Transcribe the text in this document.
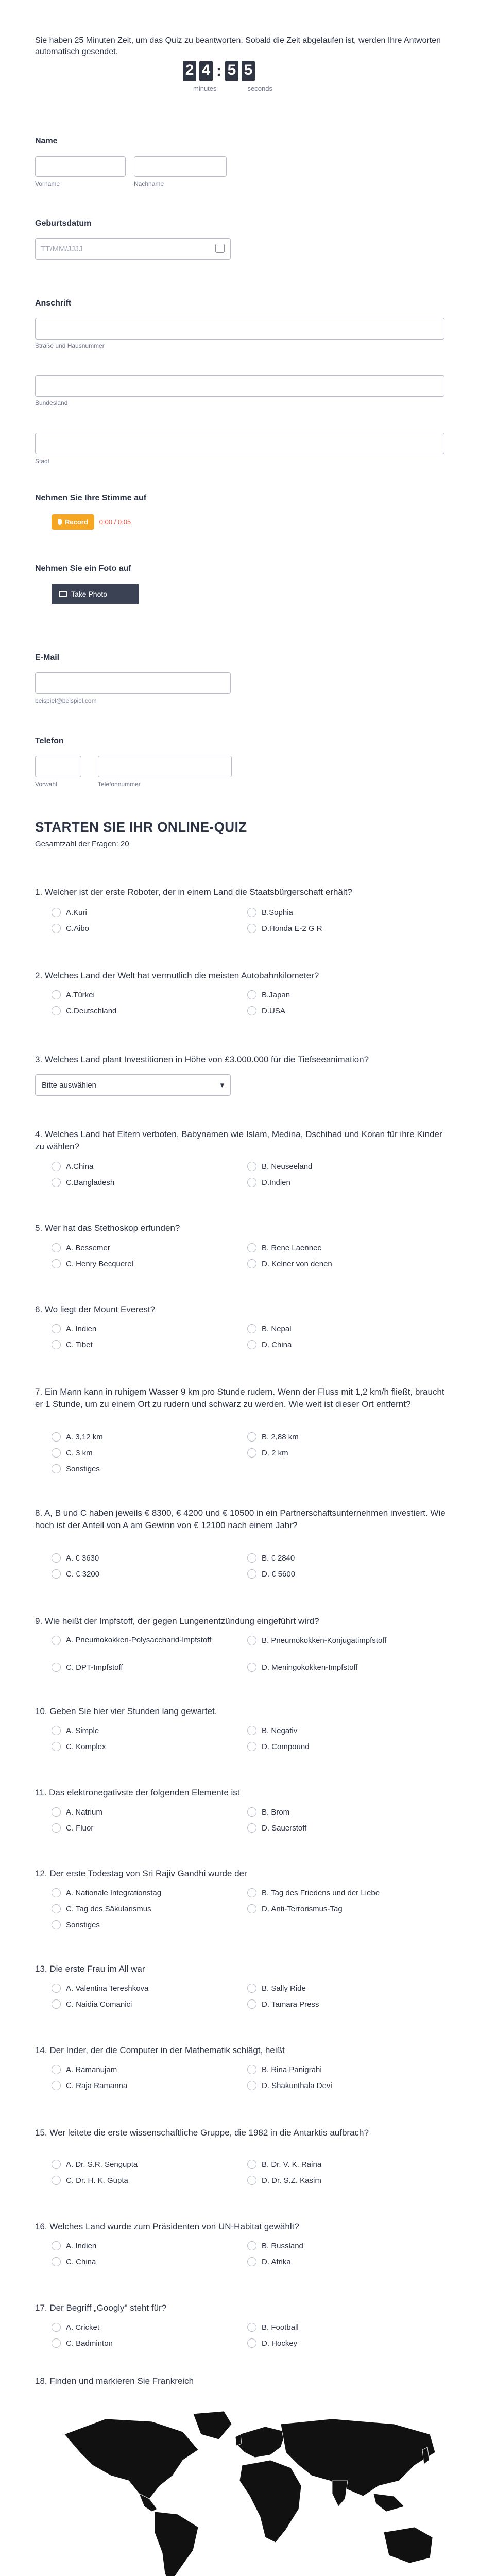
Sie haben 25 Minuten Zeit, um das Quiz zu beantworten. Sobald die Zeit abgelaufen ist, werden Ihre Antworten automatisch gesendet.
2 4 : 5 5
minutes	seconds
Name
Vorname	Nachname
Geburtsdatum
TT/MM/JJJJ
Anschrift
Straße und Hausnummer
Bundesland
Stadt
Nehmen Sie Ihre Stimme auf
Record 0:00 / 0:05
Nehmen Sie ein Foto auf
Take Photo
E-Mail
beispiel@beispiel.com
Telefon
Vorwahl	Telefonnummer
STARTEN SIE IHR ONLINE-QUIZ
Gesamtzahl der Fragen: 20
1. Welcher ist der erste Roboter, der in einem Land die Staatsbürgerschaft erhält?
A.Kuri	B.Sophia
C.Aibo	D.Honda E-2 G R
2. Welches Land der Welt hat vermutlich die meisten Autobahnkilometer?
A.Türkei	B.Japan
C.Deutschland	D.USA
3. Welches Land plant Investitionen in Höhe von £3.000.000 für die Tiefseeanimation?
Bitte auswählen	▾
4. Welches Land hat Eltern verboten, Babynamen wie Islam, Medina, Dschihad und Koran für ihre Kinder zu wählen?
A.China	B. Neuseeland
C.Bangladesh	D.Indien
5. Wer hat das Stethoskop erfunden?
A. Bessemer	B. Rene Laennec
C. Henry Becquerel	D. Kelner von denen
6. Wo liegt der Mount Everest?
A. Indien	B. Nepal
C. Tibet	D. China
7. Ein Mann kann in ruhigem Wasser 9 km pro Stunde rudern. Wenn der Fluss mit 1,2 km/h fließt, braucht er 1 Stunde, um zu einem Ort zu rudern und schwarz zu werden. Wie weit ist dieser Ort entfernt?
A. 3,12 km	B. 2,88 km
C. 3 km	D. 2 km
Sonstiges
8. A, B und C haben jeweils € 8300, € 4200 und € 10500 in ein Partnerschaftsunternehmen investiert. Wie hoch ist der Anteil von A am Gewinn von € 12100 nach einem Jahr?
A. € 3630	B. € 2840
C. € 3200	D. € 5600
9. Wie heißt der Impfstoff, der gegen Lungenentzündung eingeführt wird?
A. Pneumokokken-Polysaccharid-Impfstoff	B. Pneumokokken-Konjugatimpfstoff
C. DPT-Impfstoff	D. Meningokokken-Impfstoff
10. Geben Sie hier vier Stunden lang gewartet.
A. Simple	B. Negativ
C. Komplex	D. Compound
11. Das elektronegativste der folgenden Elemente ist
A. Natrium	B. Brom
C. Fluor	D. Sauerstoff
12. Der erste Todestag von Sri Rajiv Gandhi wurde der
A. Nationale Integrationstag	B. Tag des Friedens und der Liebe
C. Tag des Säkularismus	D. Anti-Terrorismus-Tag
Sonstiges
13. Die erste Frau im All war
A. Valentina Tereshkova	B. Sally Ride
C. Naidia Comanici	D. Tamara Press
14. Der Inder, der die Computer in der Mathematik schlägt, heißt
A. Ramanujam	B. Rina Panigrahi
C. Raja Ramanna	D. Shakunthala Devi
15. Wer leitete die erste wissenschaftliche Gruppe, die 1982 in die Antarktis aufbrach?
A. Dr. S.R. Sengupta	B. Dr. V. K. Raina
C. Dr. H. K. Gupta	D. Dr. S.Z. Kasim
16. Welches Land wurde zum Präsidenten von UN-Habitat gewählt?
A. Indien	B. Russland
C. China	D. Afrika
17. Der Begriff „Googly" steht für?
A. Cricket	B. Football
C. Badminton	D. Hockey
18. Finden und markieren Sie Frankreich
